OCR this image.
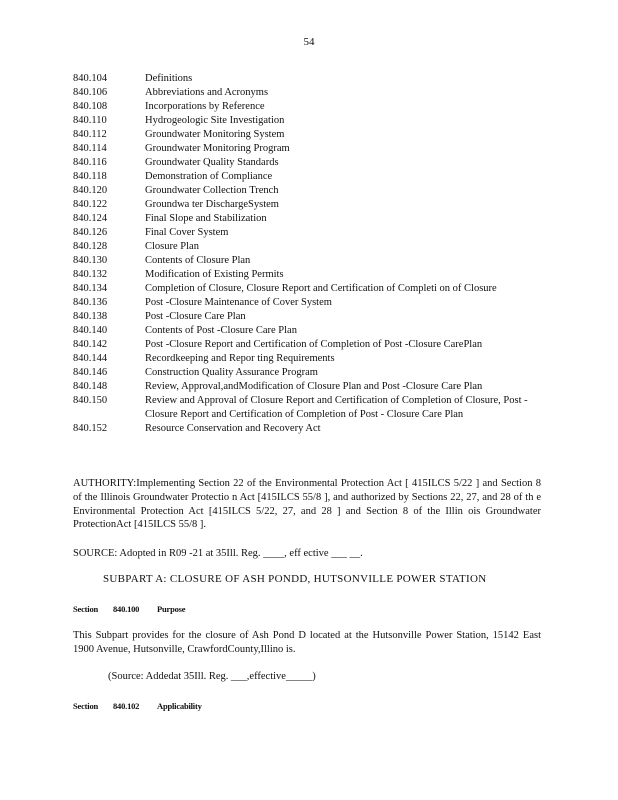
54
840.104	Definitions
840.106	Abbreviations and Acronyms
840.108	Incorporations by Reference
840.110	Hydrogeologic Site Investigation
840.112	Groundwater Monitoring System
840.114	Groundwater Monitoring Program
840.116	Groundwater Quality Standards
840.118	Demonstration of Compliance
840.120	Groundwater Collection Trench
840.122	Groundwa ter DischargeSystem
840.124	Final Slope and Stabilization
840.126	Final Cover System
840.128	Closure Plan
840.130	Contents of Closure Plan
840.132	Modification of Existing Permits
840.134	Completion of Closure, Closure Report and Certification of Completi on of Closure
840.136	Post -Closure Maintenance of Cover System
840.138	Post -Closure Care Plan
840.140	Contents of Post -Closure Care Plan
840.142	Post -Closure Report and Certification of Completion of Post -Closure CarePlan
840.144	Recordkeeping and Repor ting Requirements
840.146	Construction Quality Assurance Program
840.148	Review, Approval,andModification of Closure Plan and Post -Closure Care Plan
840.150	Review and Approval of Closure Report and Certification of Completion of Closure, Post - Closure Report and Certification of Completion of Post - Closure Care Plan
840.152	Resource Conservation and Recovery Act
AUTHORITY:Implementing Section 22 of the Environmental Protection Act [ 415ILCS 5/22 ] and Section 8 of the Illinois Groundwater Protectio n Act [415ILCS 55/8 ], and authorized by Sections 22, 27, and 28 of th e Environmental Protection Act [415ILCS 5/22, 27, and 28 ] and Section 8 of the Illin ois Groundwater ProtectionAct [415ILCS 55/8 ].
SOURCE: Adopted in R09 -21 at 35Ill. Reg. ____, eff ective ___ __.
SUBPART A: CLOSURE OF ASH PONDD, HUTSONVILLE POWER STATION
Section 840.100 Purpose
This Subpart provides for the closure of Ash Pond D located at the Hutsonville Power Station, 15142 East 1900 Avenue, Hutsonville, CrawfordCounty,Illino is.
(Source: Addedat 35Ill. Reg. ___,effective_____)
Section 840.102 Applicability
